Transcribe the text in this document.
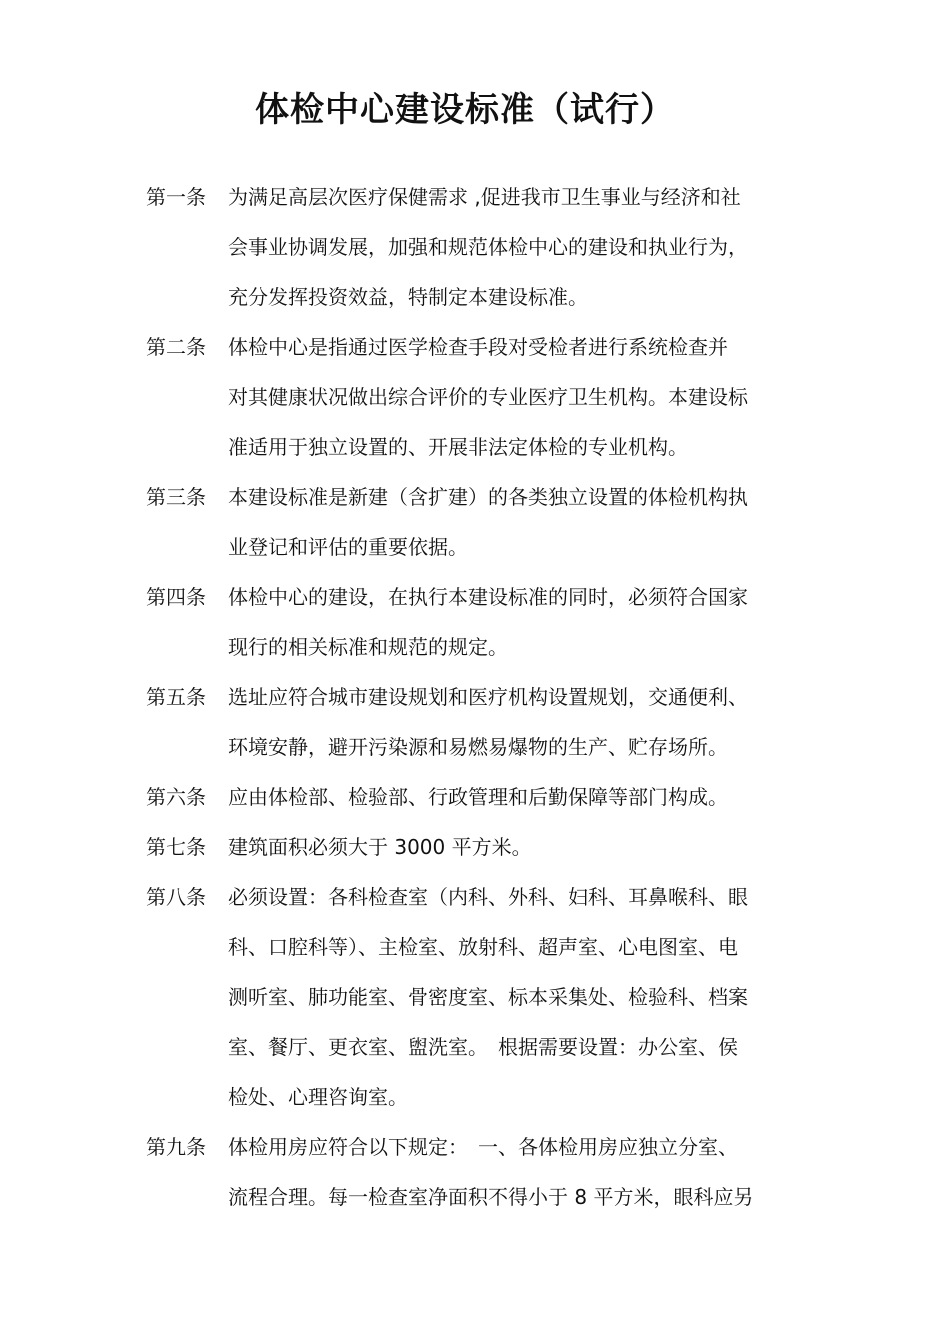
体检中心建设标准（试行）
第一条	为满足高层次医疗保健需求 ,促进我市卫生事业与经济和社
会事业协调发展，加强和规范体检中心的建设和执业行为，
充分发挥投资效益，特制定本建设标准。
第二条	体检中心是指通过医学检查手段对受检者进行系统检查并
对其健康状况做出综合评价的专业医疗卫生机构。本建设标
准适用于独立设置的、开展非法定体检的专业机构。
第三条	本建设标准是新建（含扩建）的各类独立设置的体检机构执
业登记和评估的重要依据。
第四条	体检中心的建设，在执行本建设标准的同时，必须符合国家
现行的相关标准和规范的规定。
第五条	选址应符合城市建设规划和医疗机构设置规划，交通便利、
环境安静，避开污染源和易燃易爆物的生产、贮存场所。
第六条	应由体检部、检验部、行政管理和后勤保障等部门构成。
第七条	建筑面积必须大于 3000 平方米。
第八条	必须设置：各科检查室（内科、外科、妇科、耳鼻喉科、眼
科、口腔科等）、主检室、放射科、超声室、心电图室、电
测听室、肺功能室、骨密度室、标本采集处、检验科、档案
室、餐厅、更衣室、盥洗室。　根据需要设置：办公室、侯
检处、心理咨询室。
第九条	体检用房应符合以下规定：　一、各体检用房应独立分室、
流程合理。每一检查室净面积不得小于 8 平方米，眼科应另
